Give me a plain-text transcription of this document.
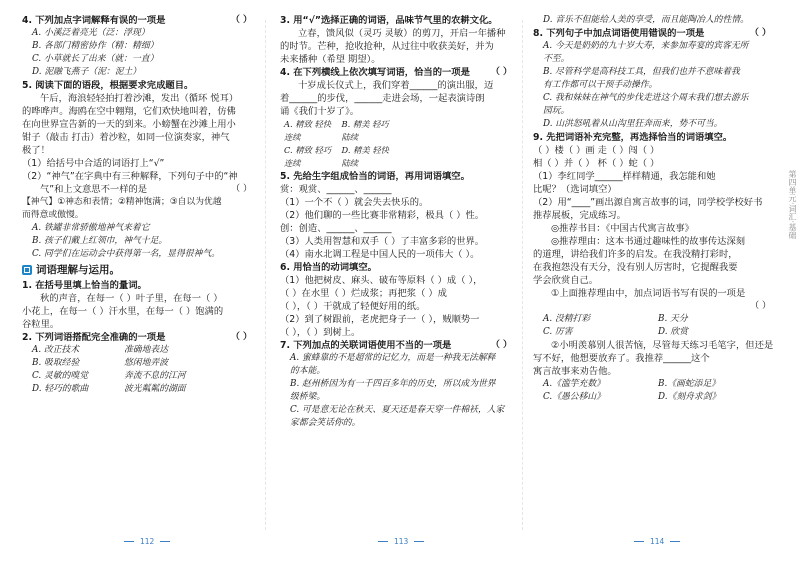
4. 下列加点字词解释有误的一项是	（ ）
A. 小溪泛着亮光（泛：浮现）
B. 各部门精密协作（精：精细）
C. 小草就长了出来（就：一直）
D. 泥融飞燕子（泥：泥土）
5. 阅读下面的语段，根据要求完成题目。
午后，海浪轻轻拍打着沙滩，发出（循环 悦耳）
的哗哗声。海鸥在空中翱翔，它们欢快地叫着，仿佛
在向世界宣告新的一天的到来。小螃蟹在沙滩上用小
钳子（敲击 打击）着沙粒，如同一位演奏家，神气
极了！
（1）给括号中合适的词语打上“√”
（2）“神气”在字典中有三种解释，下列句子中的“神
气”和上文意思不一样的是	（ ）
【神气】①神态和表情；②精神饱满；③自以为优越
而得意或傲慢。
A. 铁罐非常骄傲地神气来着它
B. 孩子们戴上红领巾，神气十足。
C. 同学们在运动会中获得第一名，显得很神气。
词语理解与运用。
1. 在括号里填上恰当的量词。
秋的声音，在每一（ ）叶子里，在每一（ ）
小花上，在每一（ ）汗水里，在每一（ ）饱满的
谷粒里。
2. 下列词语搭配完全准确的一项是	（ ）
A. 改正技术	准确地表达
B. 吸取经验	悠闲地弄波
C. 灵敏的嗅觉	奔流不息的江河
D. 轻巧的歌曲	波光粼粼的湖面
3. 用“√”选择正确的词语，品味节气里的农耕文化。
立春，馈风似（灵巧 灵敏）的剪刀，开启一年播种
的时节。芒种，抢收抢种，从过往中收获美好，并为
未来播种（希望 期望）。
4. 在下列横线上依次填写词语，恰当的一项是 （ ）
十岁成长仪式上，我们穿着______的演出服，迈
着______的步伐，______走进会场，一起表演诗朗
诵《我们十岁了》。
A. 精致 轻快 连续
B. 精美 轻巧 陆续
C. 精致 轻巧 连续
D. 精美 轻快 陆续
5. 先给生字组成恰当的词语，再用词语填空。
赏：观赏、______、______
（1）一个不（ ）就会失去快乐的。
（2）他们聊的一些比赛非常精彩，极具（ ）性。
创：创造、______、______
（3）人类用智慧和双手（ ）了丰富多彩的世界。
（4）南水北调工程是中国人民的一项伟大（ ）。
6. 用恰当的动词填空。
（1）他把树皮、麻头、破布等原料（ ）成（ ），
（ ）在水里（ ）烂成浆；再把浆（ ）成
（ ），（ ）干就成了轻便好用的纸。
（2）到了树跟前，老虎把身子一（ ），贼顺势一
（ ），（ ）到树上。
7. 下列加点的关联词语使用不当的一项是	（ ）
A. 蜜蜂靠的不是超常的记忆力，而是一种我无法解释
的本能。
B. 赵州桥因为有一千四百多年的历史，所以成为世界
级桥梁。
C. 可是意无论在秋天、夏天还是春天穿一件棉袄，人家
家都会笑话你的。
D. 音乐不但能给人美的享受，而且能陶冶人的性情。
8. 下列句子中加点词语使用错误的一项是	（ ）
A. 今天是奶奶的九十岁大寿，来参加寿宴的宾客无所
不至。
B. 尽管科学是高科技工具，但我们也并不意味着我
有工作都可以干预手动操作。
C. 我和妹妹在神气的步伐走进这个周末我们想去游乐
园玩。
D. 山洪怒吼着从山沟里狂奔而来，势不可当。
9. 先把词语补充完整，再选择恰当的词语填空。
（ ）楼（ ）画 走（ ）闯（ ）
相（ ）并（ ） 杯（ ）蛇（ ）
（1）李红同学______样样精通，我怎能和她
比呢？（选词填空）
（2）用“____”画出源自寓言故事的词，同学校学校好书
推荐展板，完成练习。
◎推荐书目：《中国古代寓言故事》
◎推荐理由：这本书通过趣味性的故事传达深刻
的道理，讲给我们许多的启发。在我没精打彩时，
在我抱怨没有天分，没有别人厉害时，它提醒我要
学会欣赏自己。
①上面推荐理由中，加点词语书写有误的一项是
（ ）

A. 没精打彩	B. 天分
C. 厉害	D. 欣赏
②小明羡慕别人很苦恼，尽管每天练习毛笔字，但还是
写不好，他想要放弃了。我推荐______这个
寓言故事来劝告他。
A.《滥竽充数》	B.《画蛇添足》
C.《愚公移山》	D.《刻舟求剑》
第四单元·词汇·基础
112	113	114
